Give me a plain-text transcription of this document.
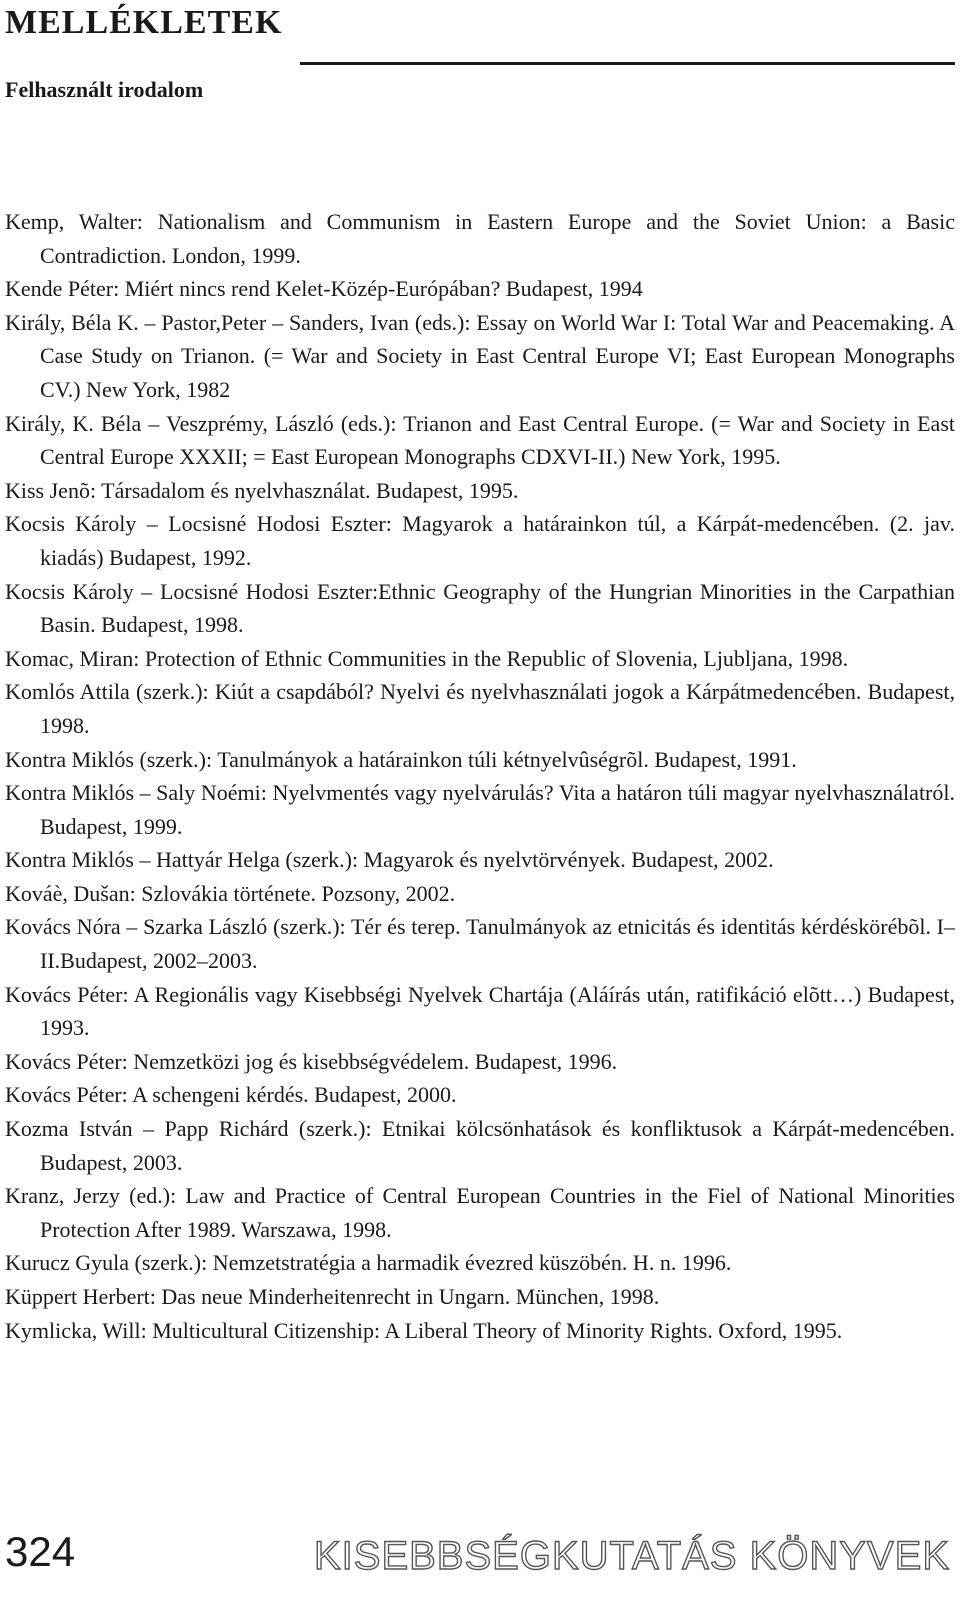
MELLÉKLETEK
Felhasznált irodalom
Kemp, Walter: Nationalism and Communism in Eastern Europe and the Soviet Union: a Basic Contradiction. London, 1999.
Kende Péter: Miért nincs rend Kelet-Közép-Európában? Budapest, 1994
Király, Béla K. – Pastor,Peter – Sanders, Ivan (eds.): Essay on World War I: Total War and Peacemaking. A Case Study on Trianon. (= War and Society in East Central Europe VI; East European Monographs CV.) New York, 1982
Király, K. Béla – Veszprémy, László (eds.): Trianon and East Central Europe. (= War and Society in East Central Europe XXXII; = East European Monographs CDXVI-II.) New York, 1995.
Kiss Jenõ: Társadalom és nyelvhasználat. Budapest, 1995.
Kocsis Károly – Locsisné Hodosi Eszter: Magyarok a határainkon túl, a Kárpát-medencében. (2. jav. kiadás) Budapest, 1992.
Kocsis Károly – Locsisné Hodosi Eszter:Ethnic Geography of the Hungrian Minorities in the Carpathian Basin. Budapest, 1998.
Komac, Miran: Protection of Ethnic Communities in the Republic of Slovenia, Ljubljana, 1998.
Komlós Attila (szerk.): Kiút a csapdából? Nyelvi és nyelvhasználati jogok a Kárpátmedencében. Budapest, 1998.
Kontra Miklós (szerk.): Tanulmányok a határainkon túli kétnyelvûségrõl. Budapest, 1991.
Kontra Miklós – Saly Noémi: Nyelvmentés vagy nyelvárulás? Vita a határon túli magyar nyelvhasználatról. Budapest, 1999.
Kontra Miklós – Hattyár Helga (szerk.): Magyarok és nyelvtörvények. Budapest, 2002.
Kováè, Dušan: Szlovákia története. Pozsony, 2002.
Kovács Nóra – Szarka László (szerk.): Tér és terep. Tanulmányok az etnicitás és identitás kérdéskörébõl. I–II.Budapest, 2002–2003.
Kovács Péter: A Regionális vagy Kisebbségi Nyelvek Chartája (Aláírás után, ratifikáció elõtt…) Budapest, 1993.
Kovács Péter: Nemzetközi jog és kisebbségvédelem. Budapest, 1996.
Kovács Péter: A schengeni kérdés. Budapest, 2000.
Kozma István – Papp Richárd (szerk.): Etnikai kölcsönhatások és konfliktusok a Kárpát-medencében. Budapest, 2003.
Kranz, Jerzy (ed.): Law and Practice of Central European Countries in the Fiel of National Minorities Protection After 1989. Warszawa, 1998.
Kurucz Gyula (szerk.): Nemzetstratégia a harmadik évezred küszöbén. H. n. 1996.
Küppert Herbert: Das neue Minderheitenrecht in Ungarn. München, 1998.
Kymlicka, Will: Multicultural Citizenship: A Liberal Theory of Minority Rights. Oxford, 1995.
324	KISEBBSÉGKUTATÁS KÖNYVEK
